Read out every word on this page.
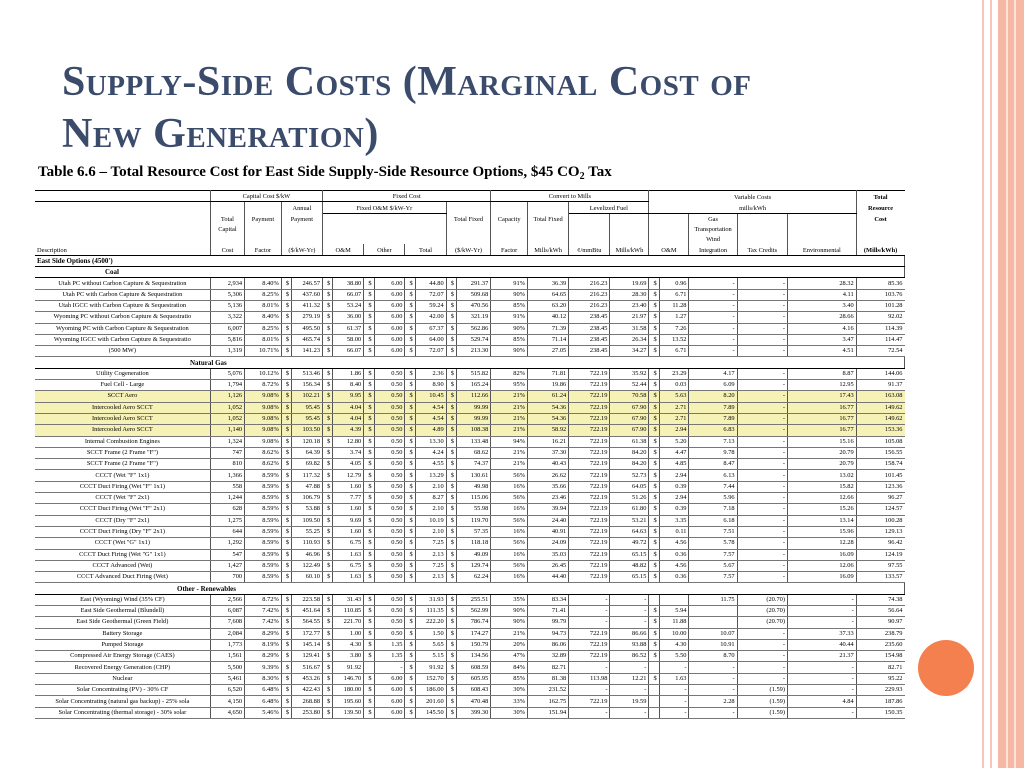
Supply-Side Costs (Marginal Cost of
New Generation)
Table 6.6 – Total Resource Cost for East Side Supply-Side Resource Options, $45 $CO_2$ Tax
	Capital Cost $/kW				Fixed Cost								Convert to Mills				Variable Costs					Total
			Annual		Fixed O&M $/kW-Yr										Levelized Fuel		mills/kWh					Resource
	Total	Payment	Payment								Total Fixed		Capacity	Total Fixed					Gas			Cost
	Capital																		Transportation			
																			Wind			
Description	Cost	Factor	($/kW-Yr)		O&M		Other		Total		($/kW-Yr)		Factor	Mills/kWh	¢/mmBtu	Mills/kWh	O&M		Integration	Tax Credits	Environmental	(Mills/kWh)
East Side Options (4500')																						
Coal																						
Utah PC without Carbon Capture & Sequestration	2,934	8.40%	$	246.57	$	38.80	$	6.00	$	44.80	$	291.37	91%	36.39	216.23	19.69	$	0.96	-	-	28.32	85.36
Utah PC with Carbon Capture & Sequestration	5,306	8.25%	$	437.60	$	66.07	$	6.00	$	72.07	$	509.68	90%	64.65	216.23	28.30	$	6.71	-	-	4.11	103.76
Utah IGCC with Carbon Capture & Sequestration	5,136	8.01%	$	411.32	$	53.24	$	6.00	$	59.24	$	470.56	85%	63.20	216.23	23.40	$	11.28	-	-	3.40	101.28
Wyoming PC without Carbon Capture & Sequestratio	3,322	8.40%	$	279.19	$	36.00	$	6.00	$	42.00	$	321.19	91%	40.12	238.45	21.97	$	1.27	-	-	28.66	92.02
Wyoming PC with Carbon Capture & Sequestration	6,007	8.25%	$	495.50	$	61.37	$	6.00	$	67.37	$	562.86	90%	71.39	238.45	31.58	$	7.26	-	-	4.16	114.39
Wyoming IGCC with Carbon Capture & Sequestratio	5,816	8.01%	$	465.74	$	58.00	$	6.00	$	64.00	$	529.74	85%	71.14	238.45	26.34	$	13.52	-	-	3.47	114.47
(500 MW)	1,319	10.71%	$	141.23	$	66.07	$	6.00	$	72.07	$	213.30	90%	27.05	238.45	34.27	$	6.71	-	-	4.51	72.54
Natural Gas																						
Utility Cogeneration	5,076	10.12%	$	513.46	$	1.86	$	0.50	$	2.36	$	515.82	82%	71.81	722.19	35.92	$	23.29	4.17	-	8.87	144.06
Fuel Cell - Large	1,794	8.72%	$	156.34	$	8.40	$	0.50	$	8.90	$	165.24	95%	19.86	722.19	52.44	$	0.03	6.09	-	12.95	91.37
SCCT Aero	1,126	9.08%	$	102.21	$	9.95	$	0.50	$	10.45	$	112.66	21%	61.24	722.19	70.58	$	5.63	8.20	-	17.43	163.08
Intercooled Aero SCCT	1,052	9.08%	$	95.45	$	4.04	$	0.50	$	4.54	$	99.99	21%	54.36	722.19	67.90	$	2.71	7.89	-	16.77	149.62
Intercooled Aero SCCT	1,052	9.08%	$	95.45	$	4.04	$	0.50	$	4.54	$	99.99	21%	54.36	722.19	67.90	$	2.71	7.89	-	16.77	149.62
Intercooled Aero SCCT	1,140	9.08%	$	103.50	$	4.39	$	0.50	$	4.89	$	108.38	21%	58.92	722.19	67.90	$	2.94	6.83	-	16.77	153.36
Internal Combustion Engines	1,324	9.08%	$	120.18	$	12.80	$	0.50	$	13.30	$	133.48	94%	16.21	722.19	61.38	$	5.20	7.13	-	15.16	105.08
SCCT Frame (2 Frame "F")	747	8.62%	$	64.39	$	3.74	$	0.50	$	4.24	$	68.62	21%	37.30	722.19	84.20	$	4.47	9.78	-	20.79	156.55
SCCT Frame (2 Frame "F")	810	8.62%	$	69.82	$	4.05	$	0.50	$	4.55	$	74.37	21%	40.43	722.19	84.20	$	4.85	8.47	-	20.79	158.74
CCCT (Wet "F" 1x1)	1,366	8.59%	$	117.32	$	12.79	$	0.50	$	13.29	$	130.61	56%	26.62	722.19	52.73	$	2.94	6.13	-	13.02	101.45
CCCT Duct Firing (Wet "F" 1x1)	558	8.59%	$	47.88	$	1.60	$	0.50	$	2.10	$	49.98	16%	35.66	722.19	64.05	$	0.39	7.44	-	15.82	123.36
CCCT (Wet "F" 2x1)	1,244	8.59%	$	106.79	$	7.77	$	0.50	$	8.27	$	115.06	56%	23.46	722.19	51.26	$	2.94	5.96	-	12.66	96.27
CCCT Duct Firing (Wet "F" 2x1)	628	8.59%	$	53.88	$	1.60	$	0.50	$	2.10	$	55.98	16%	39.94	722.19	61.80	$	0.39	7.18	-	15.26	124.57
CCCT (Dry "F" 2x1)	1,275	8.59%	$	109.50	$	9.69	$	0.50	$	10.19	$	119.70	56%	24.40	722.19	53.21	$	3.35	6.18	-	13.14	100.28
CCCT Duct Firing (Dry "F" 2x1)	644	8.59%	$	55.25	$	1.60	$	0.50	$	2.10	$	57.35	16%	40.91	722.19	64.63	$	0.11	7.51	-	15.96	129.13
CCCT (Wet "G" 1x1)	1,292	8.59%	$	110.93	$	6.75	$	0.50	$	7.25	$	118.18	56%	24.09	722.19	49.72	$	4.56	5.78	-	12.28	96.42
CCCT Duct Firing (Wet "G" 1x1)	547	8.59%	$	46.96	$	1.63	$	0.50	$	2.13	$	49.09	16%	35.03	722.19	65.15	$	0.36	7.57	-	16.09	124.19
CCCT Advanced (Wet)	1,427	8.59%	$	122.49	$	6.75	$	0.50	$	7.25	$	129.74	56%	26.45	722.19	48.82	$	4.56	5.67	-	12.06	97.55
CCCT Advanced Duct Firing (Wet)	700	8.59%	$	60.10	$	1.63	$	0.50	$	2.13	$	62.24	16%	44.40	722.19	65.15	$	0.36	7.57	-	16.09	133.57
Other - Renewables																						
East (Wyoming) Wind (35% CF)	2,566	8.72%	$	223.58	$	31.43	$	0.50	$	31.93	$	255.51	35%	83.34	-	-			11.75	(20.70)	-	74.38
East Side Geothermal (Blundell)	6,087	7.42%	$	451.64	$	110.85	$	0.50	$	111.35	$	562.99	90%	71.41	-	-	$	5.94		(20.70)	-	56.64
East Side Geothermal (Green Field)	7,608	7.42%	$	564.55	$	221.70	$	0.50	$	222.20	$	786.74	90%	99.79	-	-	$	11.88		(20.70)	-	90.97
Battery Storage	2,084	8.29%	$	172.77	$	1.00	$	0.50	$	1.50	$	174.27	21%	94.73	722.19	86.66	$	10.00	10.07	-	37.33	238.79
Pumped Storage	1,773	8.19%	$	145.14	$	4.30	$	1.35	$	5.65	$	150.79	20%	86.06	722.19	93.88	$	4.30	10.91	-	40.44	235.60
Compressed Air Energy Storage (CAES)	1,561	8.29%	$	129.41	$	3.80	$	1.35	$	5.15	$	134.56	47%	32.89	722.19	86.52	$	5.50	8.70	-	21.37	154.98
Recovered Energy Generation (CHP)	5,500	9.39%	$	516.67	$	91.92		-	$	91.92	$	608.59	84%	82.71	-	-		-	-	-	-	82.71
Nuclear	5,461	8.30%	$	453.26	$	146.70	$	6.00	$	152.70	$	605.95	85%	81.38	113.98	12.21	$	1.63	-	-	-	95.22
Solar Concentrating (PV) - 30% CF	6,520	6.48%	$	422.43	$	180.00	$	6.00	$	186.00	$	608.43	30%	231.52	-	-		-	-	(1.59)	-	229.93
Solar Concentrating (natural gas backup) - 25% sola	4,150	6.48%	$	268.88	$	195.60	$	6.00	$	201.60	$	470.48	33%	162.75	722.19	19.59		-	2.28	(1.59)	4.84	187.86
Solar Concentrating (thermal storage) - 30% solar	4,650	5.46%	$	253.80	$	139.50	$	6.00	$	145.50	$	399.30	30%	151.94	-	-		-	-	(1.59)	-	150.35
